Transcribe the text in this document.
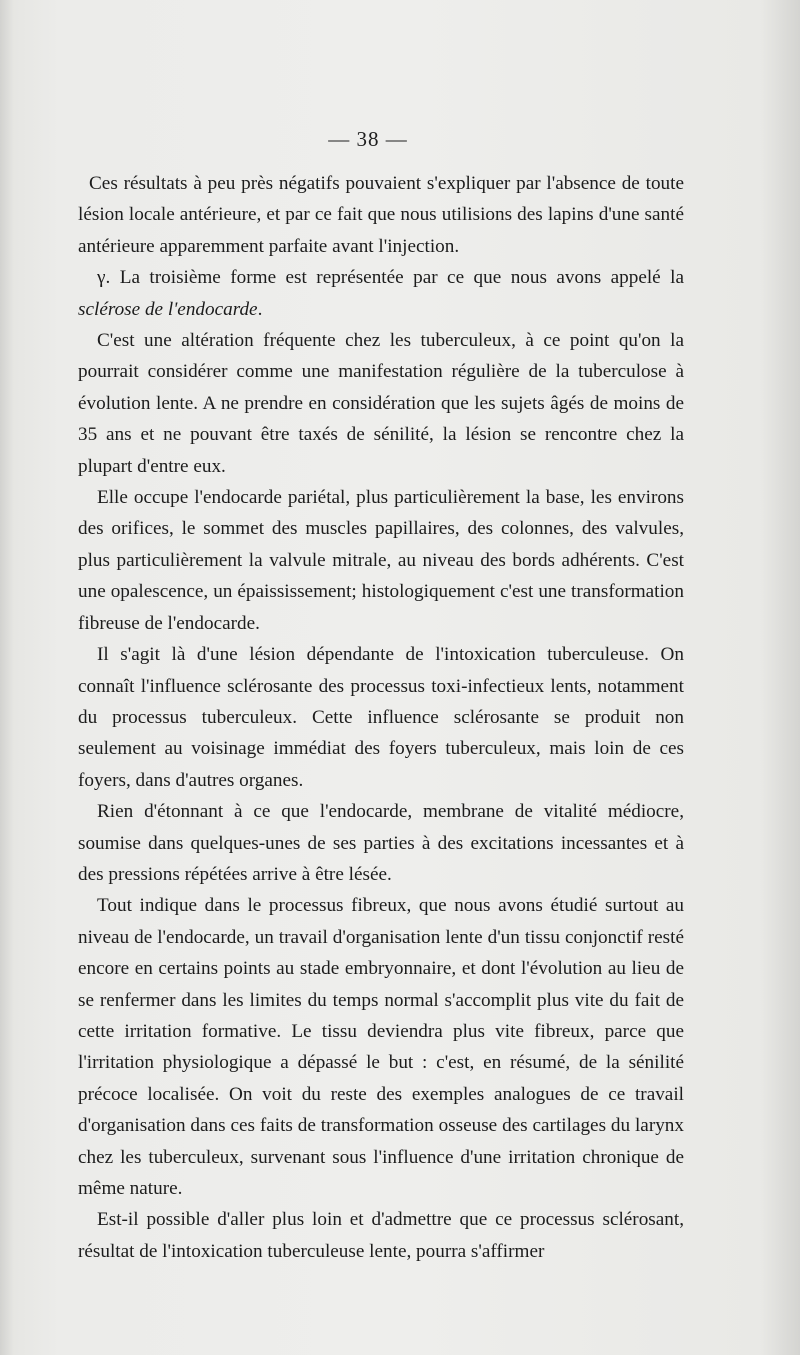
— 38 —

Ces résultats à peu près négatifs pouvaient s'expliquer par l'absence de toute lésion locale antérieure, et par ce fait que nous utilisions des lapins d'une santé antérieure apparemment parfaite avant l'injection.

γ. La troisième forme est représentée par ce que nous avons appelé la sclérose de l'endocarde.

C'est une altération fréquente chez les tuberculeux, à ce point qu'on la pourrait considérer comme une manifestation régulière de la tuberculose à évolution lente. A ne prendre en considération que les sujets âgés de moins de 35 ans et ne pouvant être taxés de sénilité, la lésion se rencontre chez la plupart d'entre eux.

Elle occupe l'endocarde pariétal, plus particulièrement la base, les environs des orifices, le sommet des muscles papillaires, des colonnes, des valvules, plus particulièrement la valvule mitrale, au niveau des bords adhérents. C'est une opalescence, un épaississement; histologiquement c'est une transformation fibreuse de l'endocarde.

Il s'agit là d'une lésion dépendante de l'intoxication tuberculeuse. On connaît l'influence sclérosante des processus toxi-infectieux lents, notamment du processus tuberculeux. Cette influence sclérosante se produit non seulement au voisinage immédiat des foyers tuberculeux, mais loin de ces foyers, dans d'autres organes.

Rien d'étonnant à ce que l'endocarde, membrane de vitalité médiocre, soumise dans quelques-unes de ses parties à des excitations incessantes et à des pressions répétées arrive à être lésée.

Tout indique dans le processus fibreux, que nous avons étudié surtout au niveau de l'endocarde, un travail d'organisation lente d'un tissu conjonctif resté encore en certains points au stade embryonnaire, et dont l'évolution au lieu de se renfermer dans les limites du temps normal s'accomplit plus vite du fait de cette irritation formative. Le tissu deviendra plus vite fibreux, parce que l'irritation physiologique a dépassé le but : c'est, en résumé, de la sénilité précoce localisée. On voit du reste des exemples analogues de ce travail d'organisation dans ces faits de transformation osseuse des cartilages du larynx chez les tuberculeux, survenant sous l'influence d'une irritation chronique de même nature.

Est-il possible d'aller plus loin et d'admettre que ce processus sclérosant, résultat de l'intoxication tuberculeuse lente, pourra s'affirmer
